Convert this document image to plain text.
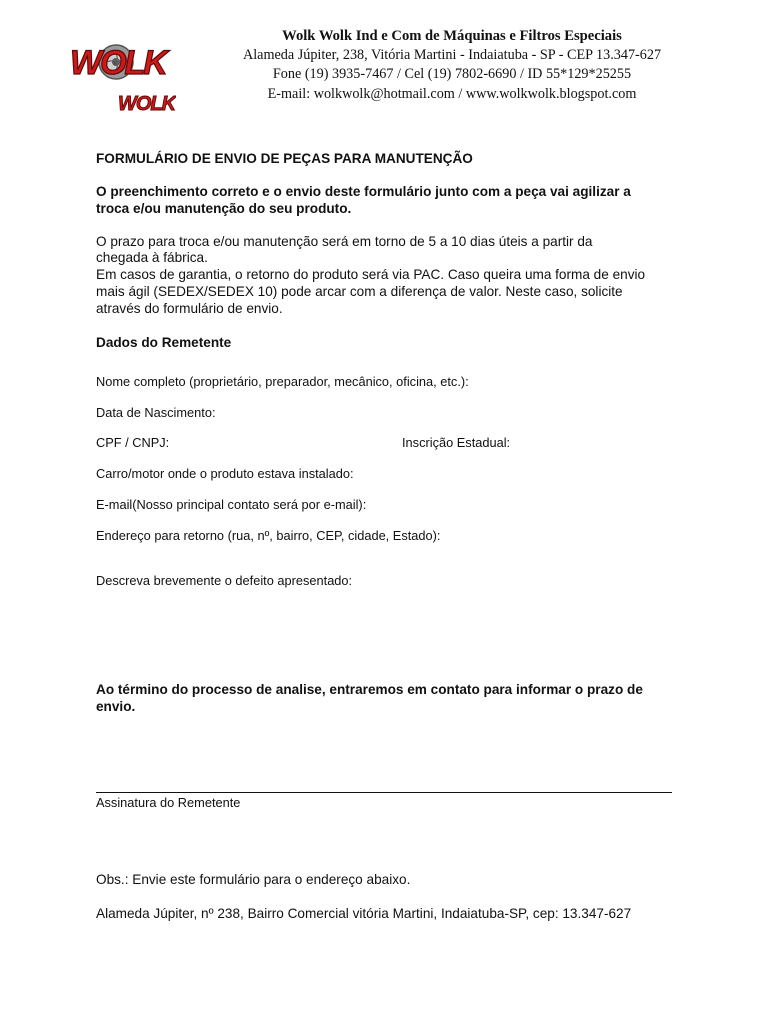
WOLK
WOLK
Wolk Wolk Ind e Com de Máquinas e Filtros Especiais
Alameda Júpiter, 238, Vitória Martini - Indaiatuba - SP - CEP 13.347-627
Fone (19) 3935-7467 / Cel (19) 7802-6690 / ID 55*129*25255
E-mail: wolkwolk@hotmail.com / www.wolkwolk.blogspot.com
FORMULÁRIO DE ENVIO DE PEÇAS PARA MANUTENÇÃO
O preenchimento correto e o envio deste formulário junto com a peça vai agilizar a
troca e/ou manutenção do seu produto.
O prazo para troca e/ou manutenção será em torno de 5 a 10 dias úteis a partir da
chegada à fábrica.
Em casos de garantia, o retorno do produto será via PAC. Caso queira uma forma de envio
mais ágil (SEDEX/SEDEX 10) pode arcar com a diferença de valor. Neste caso, solicite
através do formulário de envio.
Dados do Remetente
Nome completo (proprietário, preparador, mecânico, oficina, etc.):
Data de Nascimento:
CPF / CNPJ:	Inscrição Estadual:
Carro/motor onde o produto estava instalado:
E-mail(Nosso principal contato será por e-mail):
Endereço para retorno (rua, nº, bairro, CEP, cidade, Estado):
Descreva brevemente o defeito apresentado:
Ao término do processo de analise, entraremos em contato para informar o prazo de
envio.
Assinatura do Remetente
Obs.: Envie este formulário para o endereço abaixo.
Alameda Júpiter, nº 238, Bairro Comercial vitória Martini, Indaiatuba-SP, cep: 13.347-627
